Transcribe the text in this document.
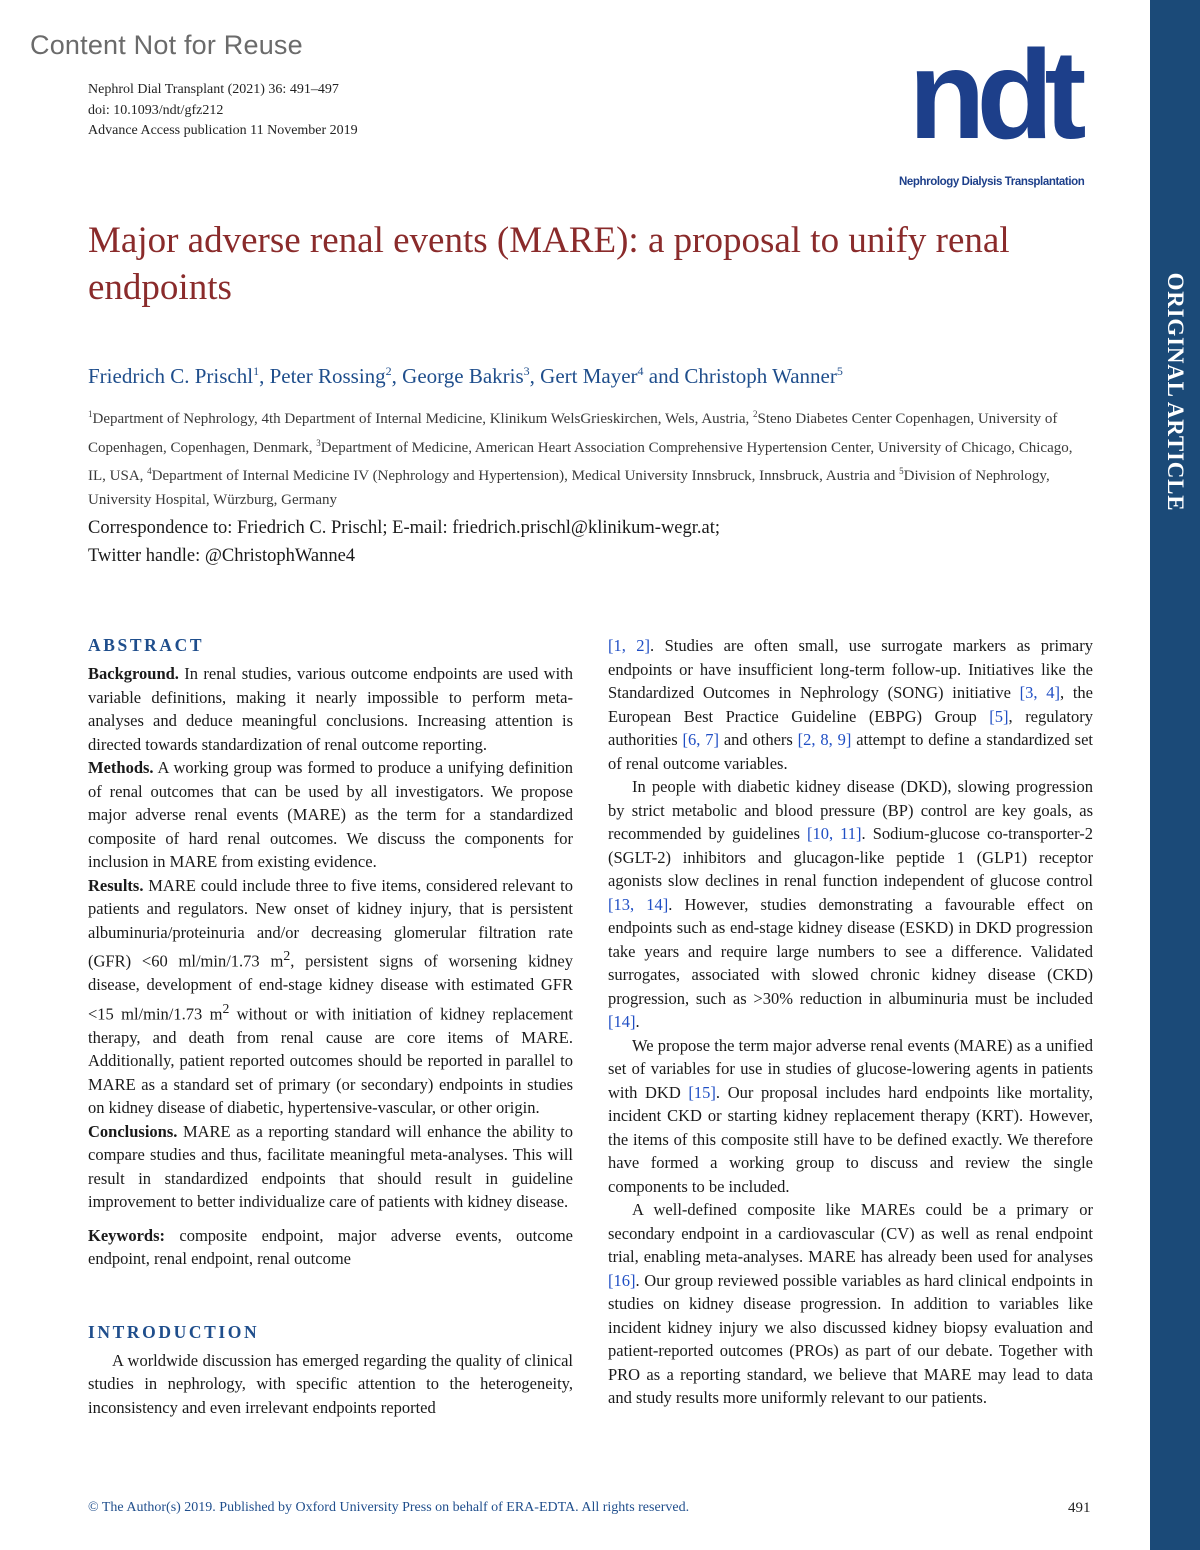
Content Not for Reuse
Nephrol Dial Transplant (2021) 36: 491–497
doi: 10.1093/ndt/gfz212
Advance Access publication 11 November 2019	ndt
Nephrology Dialysis Transplantation
ORIGINAL ARTICLE
Major adverse renal events (MARE): a proposal to unify renal endpoints
Friedrich C. Prischl$^1$, Peter Rossing$^2$, George Bakris$^3$, Gert Mayer$^4$ and Christoph Wanner$^5$
$^1$Department of Nephrology, 4th Department of Internal Medicine, Klinikum WelsGrieskirchen, Wels, Austria, $^2$Steno Diabetes Center Copenhagen, University of Copenhagen, Copenhagen, Denmark, $^3$Department of Medicine, American Heart Association Comprehensive Hypertension Center, University of Chicago, Chicago, IL, USA, $^4$Department of Internal Medicine IV (Nephrology and Hypertension), Medical University Innsbruck, Innsbruck, Austria and $^5$Division of Nephrology, University Hospital, Würzburg, Germany
Correspondence to: Friedrich C. Prischl; E-mail: friedrich.prischl@klinikum-wegr.at;
Twitter handle: @ChristophWanne4
ABSTRACT

Background. In renal studies, various outcome endpoints are used with variable definitions, making it nearly impossible to perform meta-analyses and deduce meaningful conclusions. Increasing attention is directed towards standardization of renal outcome reporting.

Methods. A working group was formed to produce a unifying definition of renal outcomes that can be used by all investigators. We propose major adverse renal events (MARE) as the term for a standardized composite of hard renal outcomes. We discuss the components for inclusion in MARE from existing evidence.

Results. MARE could include three to five items, considered relevant to patients and regulators. New onset of kidney injury, that is persistent albuminuria/proteinuria and/or decreasing glomerular filtration rate (GFR) <60 ml/min/1.73 $m^2$, persistent signs of worsening kidney disease, development of end-stage kidney disease with estimated GFR <15 ml/min/1.73 $m^2$ without or with initiation of kidney replacement therapy, and death from renal cause are core items of MARE. Additionally, patient reported outcomes should be reported in parallel to MARE as a standard set of primary (or secondary) endpoints in studies on kidney disease of diabetic, hypertensive-vascular, or other origin.

Conclusions. MARE as a reporting standard will enhance the ability to compare studies and thus, facilitate meaningful meta-analyses. This will result in standardized endpoints that should result in guideline improvement to better individualize care of patients with kidney disease.

Keywords: composite endpoint, major adverse events, outcome endpoint, renal endpoint, renal outcome

INTRODUCTION

A worldwide discussion has emerged regarding the quality of clinical studies in nephrology, with specific attention to the heterogeneity, inconsistency and even irrelevant endpoints reported

[1, 2]. Studies are often small, use surrogate markers as primary endpoints or have insufficient long-term follow-up. Initiatives like the Standardized Outcomes in Nephrology (SONG) initiative [3, 4], the European Best Practice Guideline (EBPG) Group [5], regulatory authorities [6, 7] and others [2, 8, 9] attempt to define a standardized set of renal outcome variables.

In people with diabetic kidney disease (DKD), slowing progression by strict metabolic and blood pressure (BP) control are key goals, as recommended by guidelines [10, 11]. Sodium-glucose co-transporter-2 (SGLT-2) inhibitors and glucagon-like peptide 1 (GLP1) receptor agonists slow declines in renal function independent of glucose control [13, 14]. However, studies demonstrating a favourable effect on endpoints such as end-stage kidney disease (ESKD) in DKD progression take years and require large numbers to see a difference. Validated surrogates, associated with slowed chronic kidney disease (CKD) progression, such as >30% reduction in albuminuria must be included [14].

We propose the term major adverse renal events (MARE) as a unified set of variables for use in studies of glucose-lowering agents in patients with DKD [15]. Our proposal includes hard endpoints like mortality, incident CKD or starting kidney replacement therapy (KRT). However, the items of this composite still have to be defined exactly. We therefore have formed a working group to discuss and review the single components to be included.

A well-defined composite like MAREs could be a primary or secondary endpoint in a cardiovascular (CV) as well as renal endpoint trial, enabling meta-analyses. MARE has already been used for analyses [16]. Our group reviewed possible variables as hard clinical endpoints in studies on kidney disease progression. In addition to variables like incident kidney injury we also discussed kidney biopsy evaluation and patient-reported outcomes (PROs) as part of our debate. Together with PRO as a reporting standard, we believe that MARE may lead to data and study results more uniformly relevant to our patients.

© The Author(s) 2019. Published by Oxford University Press on behalf of ERA-EDTA. All rights reserved.	491
